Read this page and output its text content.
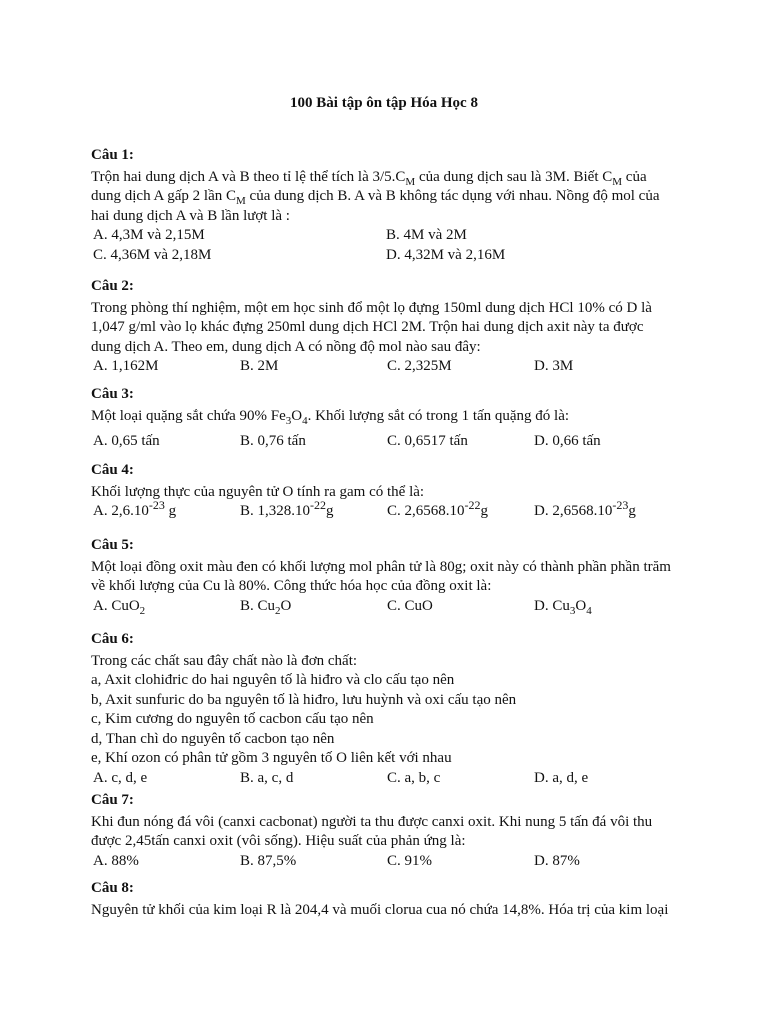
100 Bài tập ôn tập Hóa Học 8
Câu 1:
Trộn hai dung dịch A và B theo tỉ lệ thể tích là $3/5.C_M$ của dung dịch sau là 3M. Biết $C_M$ của
dung dịch A gấp 2 lần $C_M$ của dung dịch B. A và B không tác dụng với nhau. Nồng độ mol của
hai dung dịch A và B lần lượt là :
A. 4,3M và 2,15M	B. 4M và 2M
C. 4,36M và 2,18M	D. 4,32M và 2,16M
Câu 2:
Trong phòng thí nghiệm, một em học sinh đổ một lọ đựng 150ml dung dịch HCl 10% có D là
1,047 g/ml vào lọ khác đựng 250ml dung dịch HCl 2M. Trộn hai dung dịch axit này ta được
dung dịch A. Theo em, dung dịch A có nồng độ mol nào sau đây:
A. 1,162M	B. 2M	C. 2,325M	D. 3M
Câu 3:
Một loại quặng sắt chứa 90% $Fe_3O_4$. Khối lượng sắt có trong 1 tấn quặng đó là:
A. 0,65 tấn	B. 0,76 tấn	C. 0,6517 tấn	D. 0,66 tấn
Câu 4:
Khối lượng thực của nguyên tử O tính ra gam có thể là:
A. $2,6.10^{-23}$ g	B. $1,328.10^{-22}g$	C. $2,6568.10^{-22}g$	D. $2,6568.10^{-23}g$
Câu 5:
Một loại đồng oxit màu đen có khối lượng mol phân tử là 80g; oxit này có thành phần phần trăm
về khối lượng của Cu là 80%. Công thức hóa học của đồng oxit là:
A. CuO$_2$	B. $Cu_2O$	C. CuO	D. $Cu_3O_4$
Câu 6:
Trong các chất sau đây chất nào là đơn chất:
a, Axit clohiđric do hai nguyên tố là hiđro và clo cấu tạo nên
b, Axit sunfuric do ba nguyên tố là hiđro, lưu huỳnh và oxi cấu tạo nên
c, Kim cương do nguyên tố cacbon cấu tạo nên
d, Than chì do nguyên tố cacbon tạo nên
e, Khí ozon có phân tử gồm 3 nguyên tố O liên kết với nhau
A. c, d, e	B. a, c, d	C. a, b, c	D. a, d, e
Câu 7:
Khi đun nóng đá vôi (canxi cacbonat) người ta thu được canxi oxit. Khi nung 5 tấn đá vôi thu
được 2,45tấn canxi oxit (vôi sống). Hiệu suất của phản ứng là:
A. 88%	B. 87,5%	C. 91%	D. 87%
Câu 8:
Nguyên tử khối của kim loại R là 204,4 và muối clorua cua nó chứa 14,8%. Hóa trị của kim loại
